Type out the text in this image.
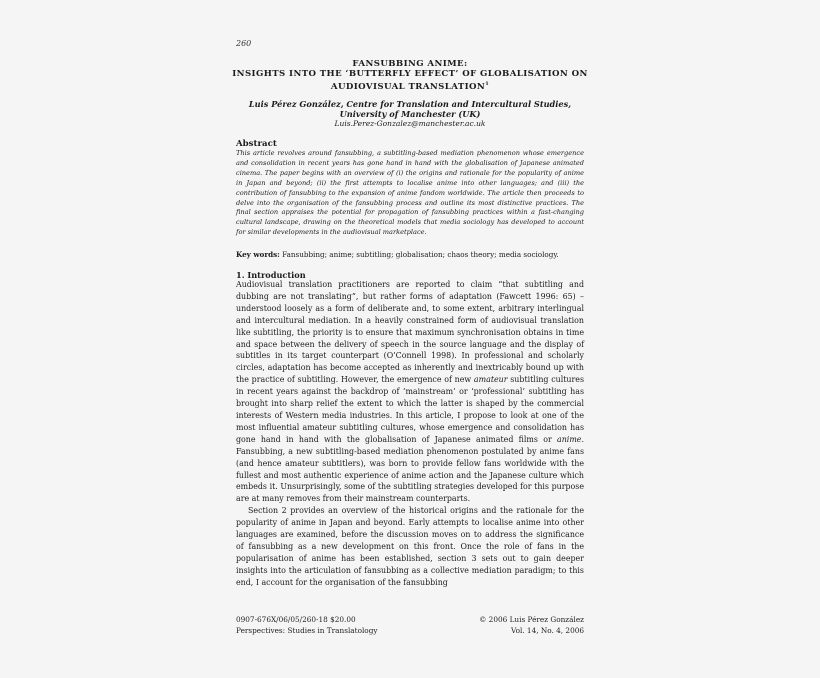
260
FANSUBBING ANIME:
INSIGHTS INTO THE ‘BUTTERFLY EFFECT’ OF GLOBALISATION ON
AUDIOVISUAL TRANSLATION$^1$
Luis Pérez González, Centre for Translation and Intercultural Studies,
University of Manchester (UK)
Luis.Perez-Gonzalez@manchester.ac.uk
Abstract
This article revolves around fansubbing, a subtitling-based mediation phenomenon whose emergence and consolidation in recent years has gone hand in hand with the globalisation of Japanese animated cinema. The paper begins with an overview of (i) the origins and rationale for the popularity of anime in Japan and beyond; (ii) the first attempts to localise anime into other languages; and (iii) the contribution of fansubbing to the expansion of anime fandom worldwide. The article then proceeds to delve into the organisation of the fansubbing process and outline its most distinctive practices. The final section appraises the potential for propagation of fansubbing practices within a fast-changing cultural landscape, drawing on the theoretical models that media sociology has developed to account for similar developments in the audiovisual marketplace.
Key words: Fansubbing; anime; subtitling; globalisation; chaos theory; media sociology.
1. Introduction

Audiovisual translation practitioners are reported to claim “that subtitling and dubbing are not translating”, but rather forms of adaptation (Fawcett 1996: 65) – understood loosely as a form of deliberate and, to some extent, arbitrary interlingual and intercultural mediation. In a heavily constrained form of audiovisual translation like subtitling, the priority is to ensure that maximum synchronisation obtains in time and space between the delivery of speech in the source language and the display of subtitles in its target counterpart (O’Connell 1998). In professional and scholarly circles, adaptation has become accepted as inherently and inextricably bound up with the practice of subtitling. However, the emergence of new amateur subtitling cultures in recent years against the backdrop of ‘mainstream’ or ‘professional’ subtitling has brought into sharp relief the extent to which the latter is shaped by the commercial interests of Western media industries. In this article, I propose to look at one of the most influential amateur subtitling cultures, whose emergence and consolidation has gone hand in hand with the globalisation of Japanese animated films or anime. Fansubbing, a new subtitling-based mediation phenomenon postulated by anime fans (and hence amateur subtitlers), was born to provide fellow fans worldwide with the fullest and most authentic experience of anime action and the Japanese culture which embeds it. Unsurprisingly, some of the subtitling strategies developed for this purpose are at many removes from their mainstream counterparts.

Section 2 provides an overview of the historical origins and the rationale for the popularity of anime in Japan and beyond. Early attempts to localise anime into other languages are examined, before the discussion moves on to address the significance of fansubbing as a new development on this front. Once the role of fans in the popularisation of anime has been established, section 3 sets out to gain deeper insights into the articulation of fansubbing as a collective mediation paradigm; to this end, I account for the organisation of the fansubbing

0907-676X/06/05/260-18 $20.00	© 2006 Luis Pérez González
Perspectives: Studies in Translatology	Vol. 14, No. 4, 2006
